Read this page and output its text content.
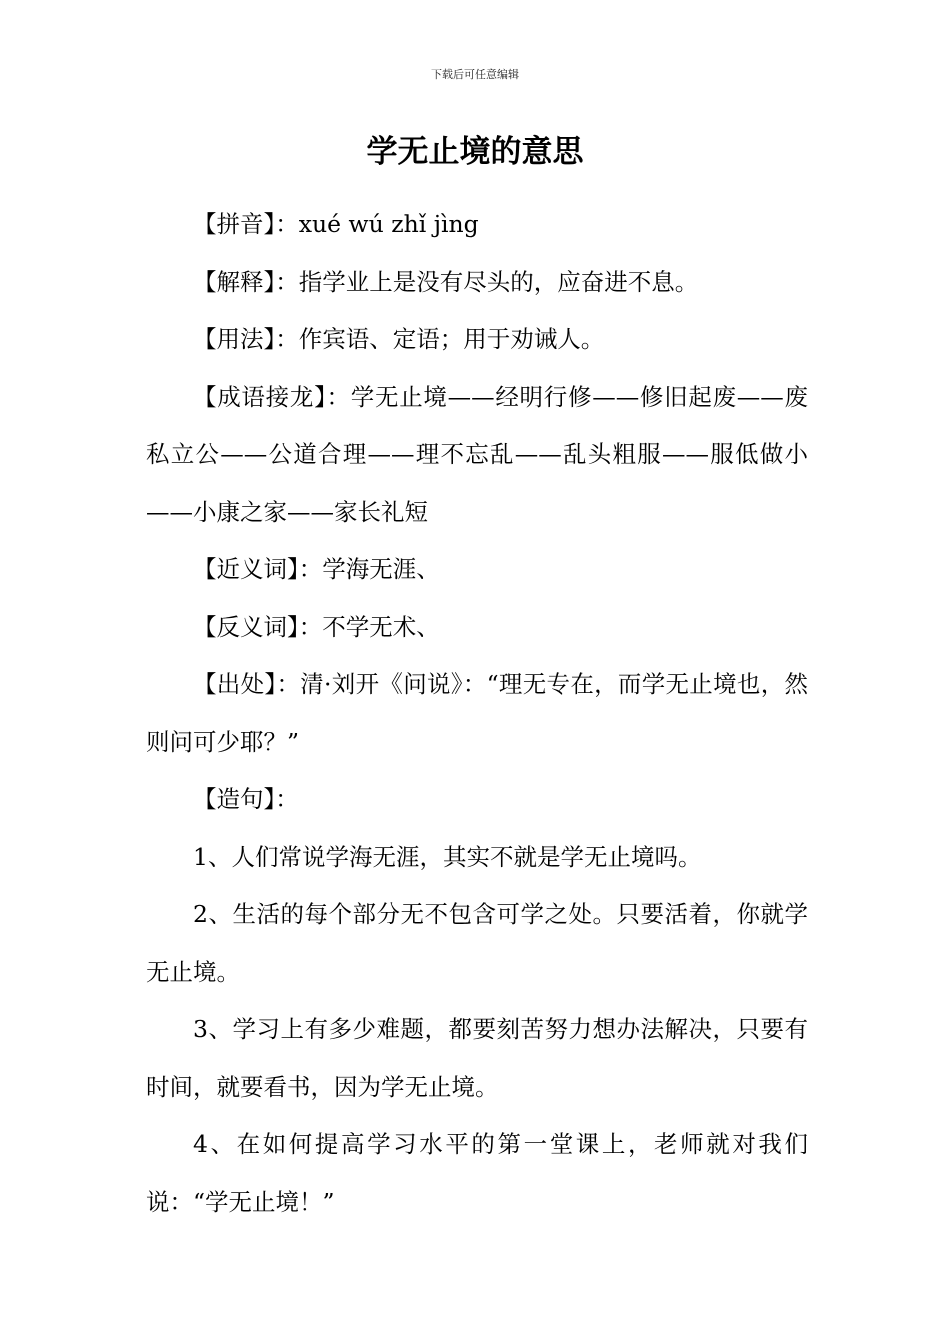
下载后可任意编辑
学无止境的意思

【拼音】：xué wú zhǐ jìng

【解释】：指学业上是没有尽头的，应奋进不息。

【用法】：作宾语、定语；用于劝诫人。

【成语接龙】：学无止境——经明行修——修旧起废——废私立公——公道合理——理不忘乱——乱头粗服——服低做小——小康之家——家长礼短

【近义词】：学海无涯、

【反义词】：不学无术、

【出处】：清·刘开《问说》：“理无专在，而学无止境也，然则问可少耶？”

【造句】：

1、人们常说学海无涯，其实不就是学无止境吗。

2、生活的每个部分无不包含可学之处。只要活着，你就学无止境。

3、学习上有多少难题，都要刻苦努力想办法解决，只要有时间，就要看书，因为学无止境。

4、在如何提高学习水平的第一堂课上，老师就对我们说：“学无止境！”
